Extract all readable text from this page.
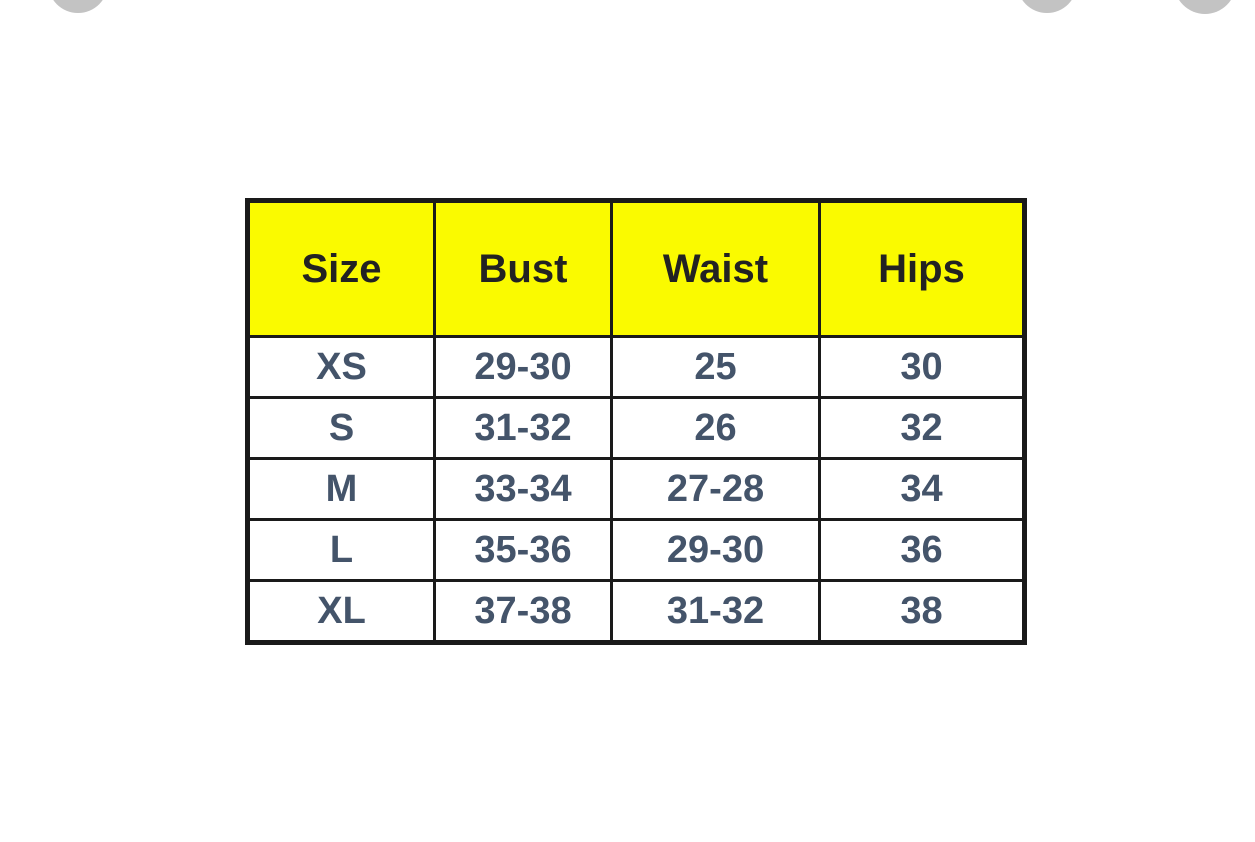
Size	Bust	Waist	Hips
XS	29-30	25	30
S	31-32	26	32
M	33-34	27-28	34
L	35-36	29-30	36
XL	37-38	31-32	38
